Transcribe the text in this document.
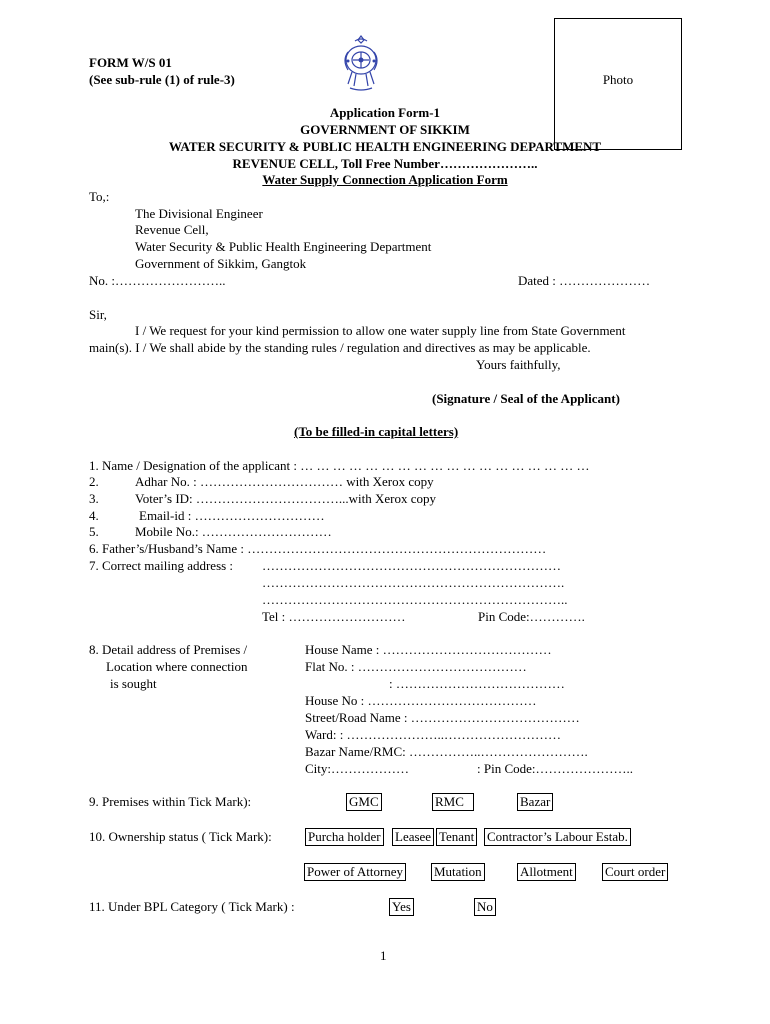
FORM W/S 01
(See sub-rule (1) of rule-3)	Photo
Application Form-1
GOVERNMENT OF SIKKIM
WATER SECURITY & PUBLIC HEALTH ENGINEERING DEPARTMENT
REVENUE CELL, Toll Free Number…………………..
Water Supply Connection Application Form
To,:
The Divisional Engineer
Revenue Cell,
Water Security & Public Health Engineering Department
Government of Sikkim, Gangtok
No. :……………………..	Dated : …………………
Sir,
I / We request for your kind permission to allow one water supply line from State Government
main(s). I / We shall abide by the standing rules / regulation and directives as may be applicable.
Yours faithfully,
(Signature / Seal of the Applicant)
(To be filled-in capital letters)
1. Name / Designation of the applicant : … … … … … … … … … … … … … … … … … …
2.	Adhar No. : …………………………… with Xerox copy
3.	Voter’s ID: ……………………………...with Xerox copy
4.	Email-id : …………………………
5.	Mobile No.: …………………………
6. Father’s/Husband’s Name : ……………………………………………………………
7. Correct mailing address : ……………………………………………………………
…………………………………………………………….
……………………………………………………………..
Tel : ………………………	Pin Code:………….
8. Detail address of Premises /
Location where connection
is sought
House Name : …………………………………
Flat No. : …………………………………
: …………………………………
House No : …………………………………
Street/Road Name : …………………………………
Ward: : …………………..………………………
Bazar Name/RMC: ……………..…………………….
City:………………	: Pin Code:…………………..
9. Premises within Tick Mark):	GMC	RMC	Bazar
10. Ownership status ( Tick Mark):	Purcha holder Leasee Tenant Contractor’s Labour Estab.
Power of Attorney Mutation	Allotment Court order
11. Under BPL Category ( Tick Mark) :	Yes	No
1
